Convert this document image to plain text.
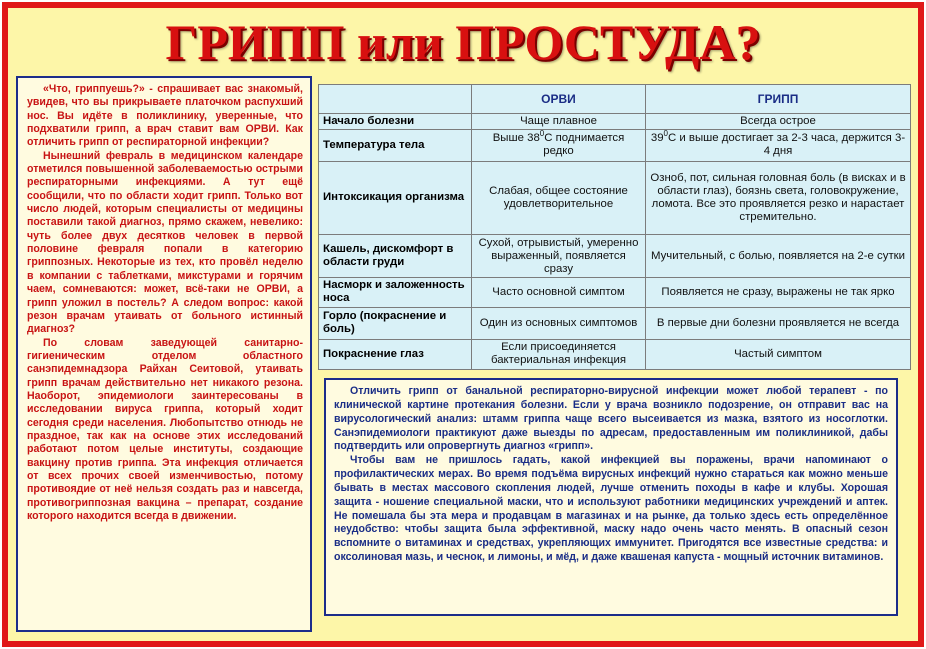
ГРИПП или ПРОСТУДА?

«Что, гриппуешь?» - спрашивает вас знакомый, увидев, что вы прикрываете платочком распухший нос. Вы идёте в поликлинику, уверенные, что подхватили грипп, а врач ставит вам ОРВИ. Как отличить грипп от респираторной инфекции?

Нынешний февраль в медицинском календаре отметился повышенной заболеваемостью острыми респираторными инфекциями. А тут ещё сообщили, что по области ходит грипп. Только вот число людей, которым специалисты от медицины поставили такой диагноз, прямо скажем, невелико: чуть более двух десятков человек в первой половине февраля попали в категорию гриппозных. Некоторые из тех, кто провёл неделю в компании с таблетками, микстурами и горячим чаем, сомневаются: может, всё-таки не ОРВИ, а грипп уложил в постель? А следом вопрос: какой резон врачам утаивать от больного истинный диагноз?

По словам заведующей санитарно-гигиеническим отделом областного санэпидемнадзора Райхан Сеитовой, утаивать грипп врачам действительно нет никакого резона. Наоборот, эпидемиологи заинтересованы в исследовании вируса гриппа, который ходит сегодня среди населения. Любопытство отнюдь не праздное, так как на основе этих исследований работают потом целые институты, создающие вакцину против гриппа. Эта инфекция отличается от всех прочих своей изменчивостью, потому противоядие от неё нельзя создать раз и навсегда, противогриппозная вакцина – препарат, создание которого находится всегда в движении.

	ОРВИ	ГРИПП
Начало болезни	Чаще плавное	Всегда острое
Температура тела	Выше $38^0С$ поднимается редко	$39^0С$ и выше достигает за 2-3 часа, держится 3-4 дня
Интоксикация организма	Слабая, общее состояние удовлетворительное	Озноб, пот, сильная головная боль (в висках и в области глаз), боязнь света, головокружение, ломота. Все это проявляется резко и нарастает стремительно.
Кашель, дискомфорт в области груди	Сухой, отрывистый, умеренно выраженный, появляется сразу	Мучительный, с болью, появляется на 2-е сутки
Насморк и заложенность носа	Часто основной симптом	Появляется не сразу, выражены не так ярко
Горло (покраснение и боль)	Один из основных симптомов	В первые дни болезни проявляется не всегда
Покраснение глаз	Если присоединяется бактериальная инфекция	Частый симптом

Отличить грипп от банальной респираторно-вирусной инфекции может любой терапевт - по клинической картине протекания болезни. Если у врача возникло подозрение, он отправит вас на вирусологический анализ: штамм гриппа чаще всего высеивается из мазка, взятого из носоглотки. Санэпидемиологи практикуют даже выезды по адресам, предоставленным им поликлиникой, дабы подтвердить или опровергнуть диагноз «грипп».

Чтобы вам не пришлось гадать, какой инфекцией вы поражены, врачи напоминают о профилактических мерах. Во время подъёма вирусных инфекций нужно стараться как можно меньше бывать в местах массового скопления людей, лучше отменить походы в кафе и клубы. Хорошая защита - ношение специальной маски, что и используют работники медицинских учреждений и аптек. Не помешала бы эта мера и продавцам в магазинах и на рынке, да только здесь есть определённое неудобство: чтобы защита была эффективной, маску надо очень часто менять. В опасный сезон вспомните о витаминах и средствах, укрепляющих иммунитет. Пригодятся все известные средства: и оксолиновая мазь, и чеснок, и лимоны, и мёд, и даже квашеная капуста - мощный источник витаминов.
